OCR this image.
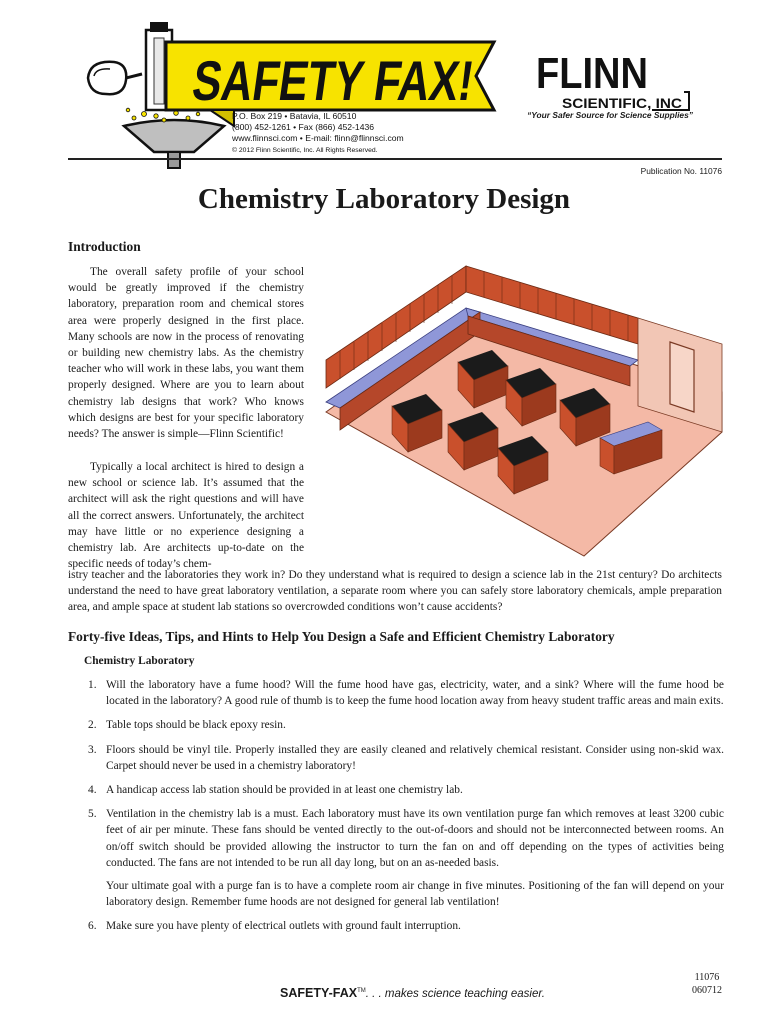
SAFETY FAX!
P.O. Box 219 • Batavia, IL 60510
(800) 452-1261 • Fax (866) 452-1436
www.flinnsci.com • E-mail: flinn@flinnsci.com
© 2012 Flinn Scientific, Inc. All Rights Reserved.
FLINN
SCIENTIFIC, INC
“Your Safer Source for Science Supplies”
Publication No. 11076
Chemistry Laboratory Design
Introduction

The overall safety profile of your school would be greatly improved if the chemistry laboratory, preparation room and chemical stores area were properly designed in the first place. Many schools are now in the process of renovating or building new chemistry labs. As the chemistry teacher who will work in these labs, you want them properly designed. Where are you to learn about chemistry lab designs that work? Who knows which designs are best for your specific laboratory needs? The answer is simple—Flinn Scientific!

Typically a local architect is hired to design a new school or science lab. It’s assumed that the architect will ask the right questions and will have all the correct answers. Unfortunately, the architect may have little or no experience designing a chemistry lab. Are architects up-to-date on the specific needs of today’s chem-

istry teacher and the laboratories they work in? Do they understand what is required to design a science lab in the 21st century? Do architects understand the need to have great laboratory ventilation, a separate room where you can safely store laboratory chemicals, ample preparation area, and ample space at student lab stations so overcrowded conditions won’t cause accidents?

Forty-five Ideas, Tips, and Hints to Help You Design a Safe and Efficient Chemistry Laboratory
Chemistry Laboratory
1. Will the laboratory have a fume hood? Will the fume hood have gas, electricity, water, and a sink? Where will the fume hood be located in the laboratory? A good rule of thumb is to keep the fume hood location away from heavy student traffic areas and main exits.
2. Table tops should be black epoxy resin.
3. Floors should be vinyl tile. Properly installed they are easily cleaned and relatively chemical resistant. Consider using non-skid wax. Carpet should never be used in a chemistry laboratory!
4. A handicap access lab station should be provided in at least one chemistry lab.
5. Ventilation in the chemistry lab is a must. Each laboratory must have its own ventilation purge fan which removes at least 3200 cubic feet of air per minute. These fans should be vented directly to the out-of-doors and should not be interconnected between rooms. An on/off switch should be provided allowing the instructor to turn the fan on and off depending on the types of activities being conducted. The fans are not intended to be run all day long, but on an as-needed basis.
Your ultimate goal with a purge fan is to have a complete room air change in five minutes. Positioning of the fan will depend on your laboratory design. Remember fume hoods are not designed for general lab ventilation!
6. Make sure you have plenty of electrical outlets with ground fault interruption.
SAFETY-FAX™. . . makes science teaching easier.
11076
060712
